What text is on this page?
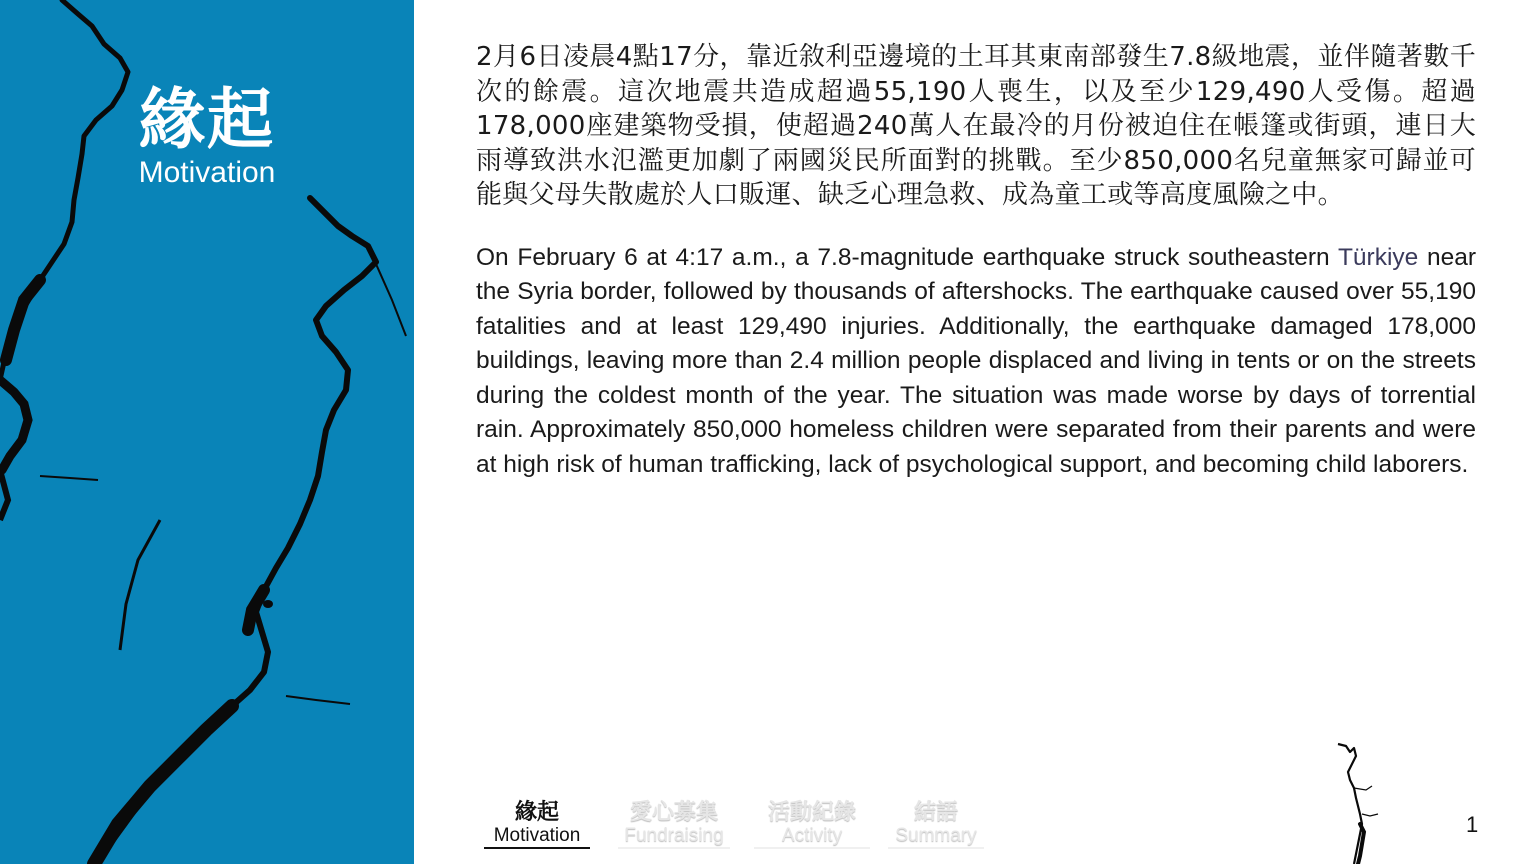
緣起
Motivation

2月6日凌晨4點17分，靠近敘利亞邊境的土耳其東南部發生7.8級地震，並伴隨著數千次的餘震。這次地震共造成超過55,190人喪生，以及至少129,490人受傷。超過178,000座建築物受損，使超過240萬人在最冷的月份被迫住在帳篷或街頭，連日大雨導致洪水氾濫更加劇了兩國災民所面對的挑戰。至少850,000名兒童無家可歸並可能與父母失散處於人口販運、缺乏心理急救、成為童工或等高度風險之中。

On February 6 at 4:17 a.m., a 7.8-magnitude earthquake struck southeastern Türkiye near the Syria border, followed by thousands of aftershocks. The earthquake caused over 55,190 fatalities and at least 129,490 injuries. Additionally, the earthquake damaged 178,000 buildings, leaving more than 2.4 million people displaced and living in tents or on the streets during the coldest month of the year. The situation was made worse by days of torrential rain. Approximately 850,000 homeless children were separated from their parents and were at high risk of human trafficking, lack of psychological support, and becoming child laborers.

緣起
Motivation
愛心募集
Fundraising
活動紀錄
Activity
結語
Summary	1
